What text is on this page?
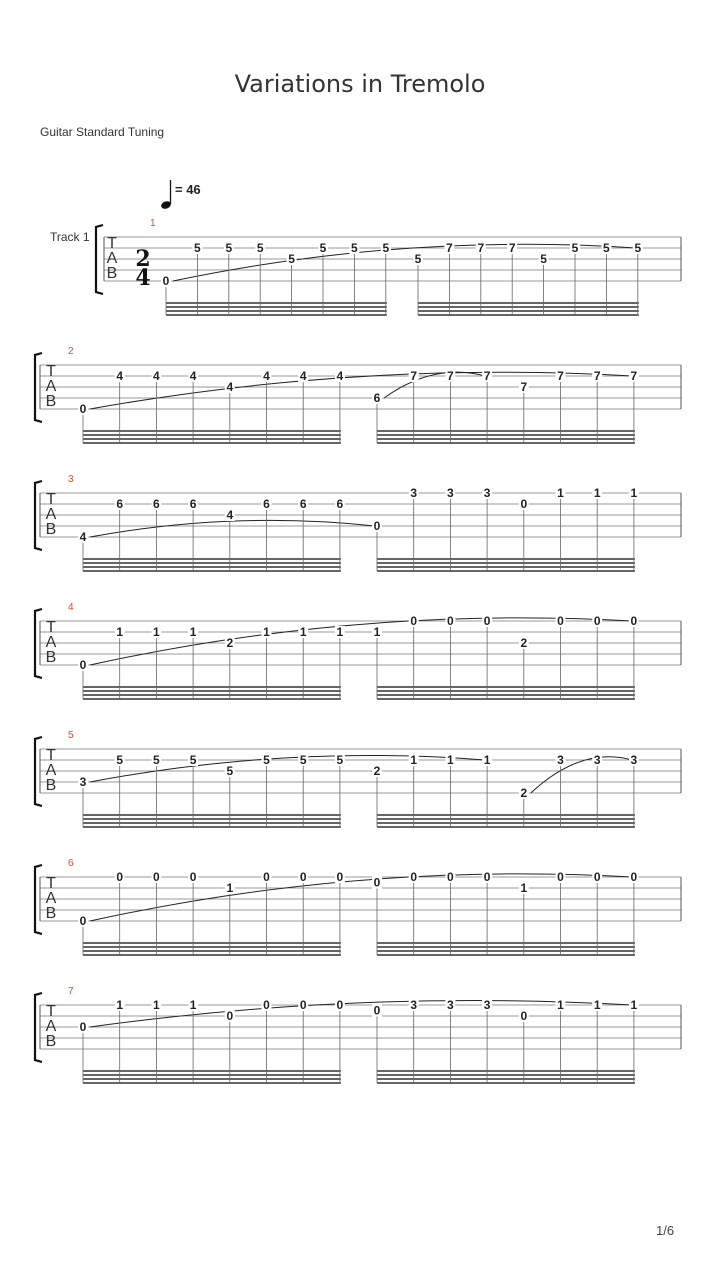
Variations in Tremolo
Guitar Standard Tuning
= 46
Track 1 T
A
B
2
4
1
0
5 5 5
5
5 5 5
5
7 7 7
5
5 5 5
T
A
B
2
0
4	4	4
4
4	4	4
6
7	7	7
7
7	7	7
T
A
B
3
4
6	6	6
4
6	6	6
0
3	3	3
0
1	1	1
T
A
B
4
0
1	1	1
2
1	1	1	1
0	0	0
2
0	0	0
T
A
B
5
3
5	5	5
5
5	5	5
2
1	1	1
2
3	3	3
T
A
B
6
0
0	0	0
1
0	0	0	0	0	0	0
1
0	0	0
T
A
B
7
0
1	1	1
0
0	0	0	0	3	3	3
0
1	1	1
1/6
